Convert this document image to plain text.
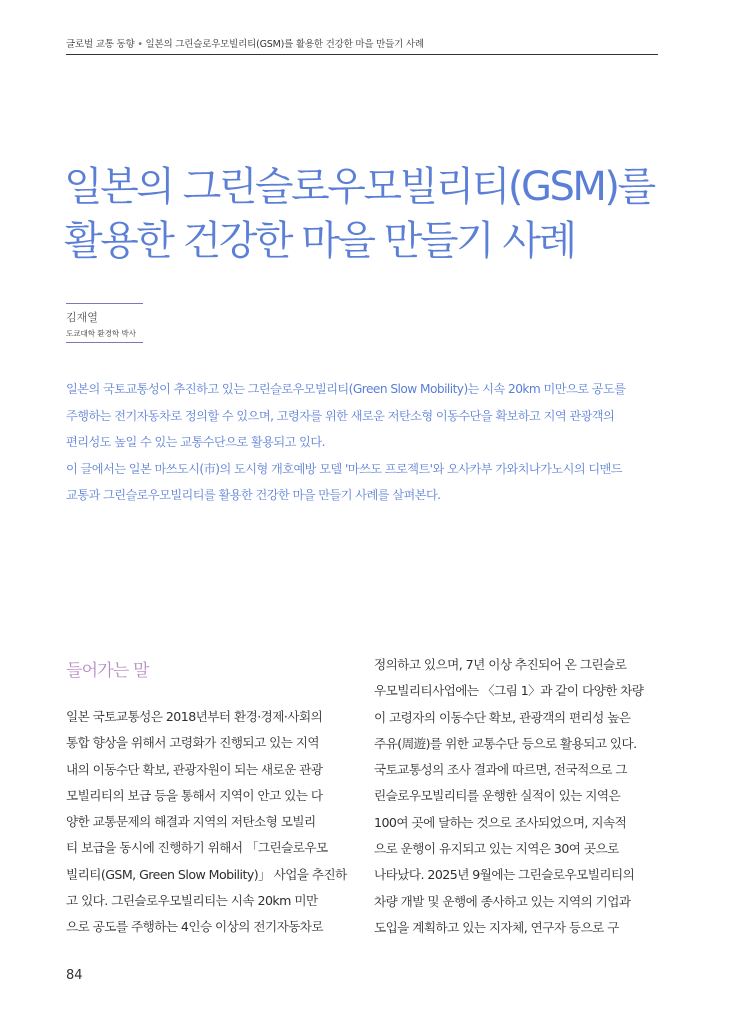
글로벌 교통 동향 • 일본의 그린슬로우모빌리티(GSM)를 활용한 건강한 마을 만들기 사례
일본의 그린슬로우모빌리티(GSM)를
활용한 건강한 마을 만들기 사례
김재열
도쿄대학 환경학 박사

일본의 국토교통성이 추진하고 있는 그린슬로우모빌리티(Green Slow Mobility)는 시속 20km 미만으로 공도를

주행하는 전기자동차로 정의할 수 있으며, 고령자를 위한 새로운 저탄소형 이동수단을 확보하고 지역 관광객의

편리성도 높일 수 있는 교통수단으로 활용되고 있다.

이 글에서는 일본 마쓰도시(市)의 도시형 개호예방 모델 '마쓰도 프로젝트'와 오사카부 가와치나가노시의 디맨드

교통과 그린슬로우모빌리티를 활용한 건강한 마을 만들기 사례를 살펴본다.

들어가는 말

일본 국토교통성은 2018년부터 환경·경제·사회의

통합 향상을 위해서 고령화가 진행되고 있는 지역

내의 이동수단 확보, 관광자원이 되는 새로운 관광

모빌리티의 보급 등을 통해서 지역이 안고 있는 다

양한 교통문제의 해결과 지역의 저탄소형 모빌리

티 보급을 동시에 진행하기 위해서 「그린슬로우모

빌리티(GSM, Green Slow Mobility)」 사업을 추진하

고 있다. 그린슬로우모빌리티는 시속 20km 미만

으로 공도를 주행하는 4인승 이상의 전기자동차로

정의하고 있으며, 7년 이상 추진되어 온 그린슬로

우모빌리티사업에는 〈그림 1〉과 같이 다양한 차량

이 고령자의 이동수단 확보, 관광객의 편리성 높은

주유(周遊)를 위한 교통수단 등으로 활용되고 있다.

국토교통성의 조사 결과에 따르면, 전국적으로 그

린슬로우모빌리티를 운행한 실적이 있는 지역은

100여 곳에 달하는 것으로 조사되었으며, 지속적

으로 운행이 유지되고 있는 지역은 30여 곳으로

나타났다. 2025년 9월에는 그린슬로우모빌리티의

차량 개발 및 운행에 종사하고 있는 지역의 기업과

도입을 계획하고 있는 지자체, 연구자 등으로 구

84
